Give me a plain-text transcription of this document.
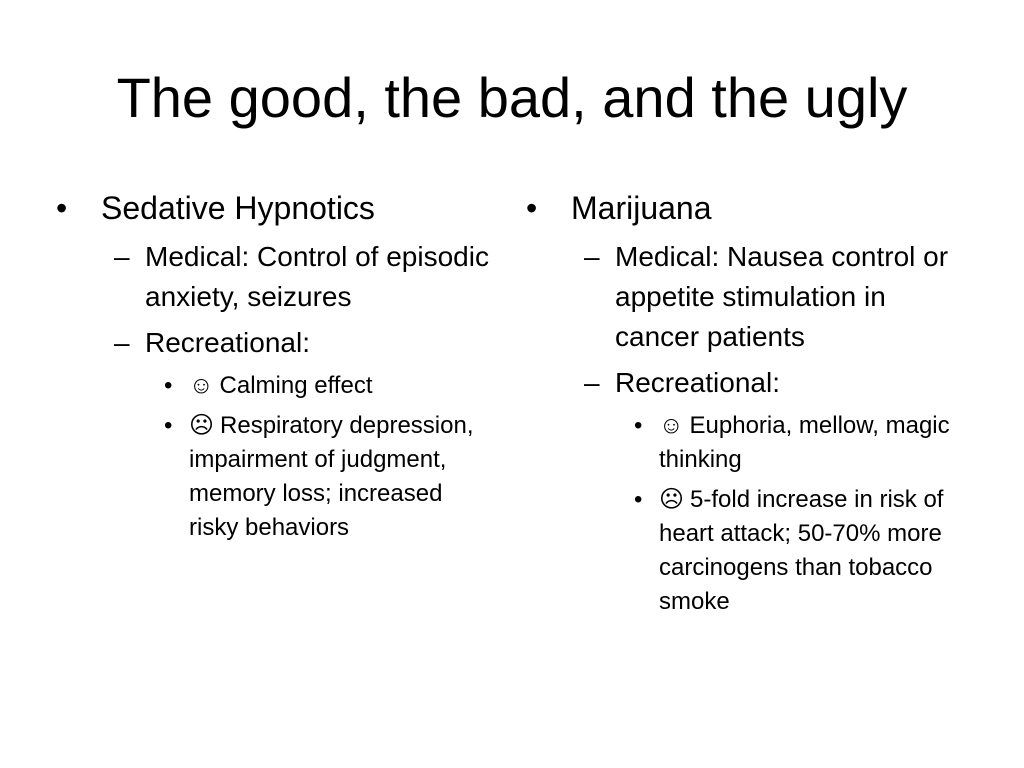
The good, the bad, and the ugly
• Sedative Hypnotics
– Medical: Control of episodic anxiety, seizures
– Recreational:
• ☺ Calming effect
• ☹ Respiratory depression, impairment of judgment, memory loss; increased risky behaviors
• Marijuana
– Medical: Nausea control or appetite stimulation in cancer patients
– Recreational:
• ☺ Euphoria, mellow, magic thinking
• ☹ 5-fold increase in risk of heart attack; 50-70% more carcinogens than tobacco smoke
